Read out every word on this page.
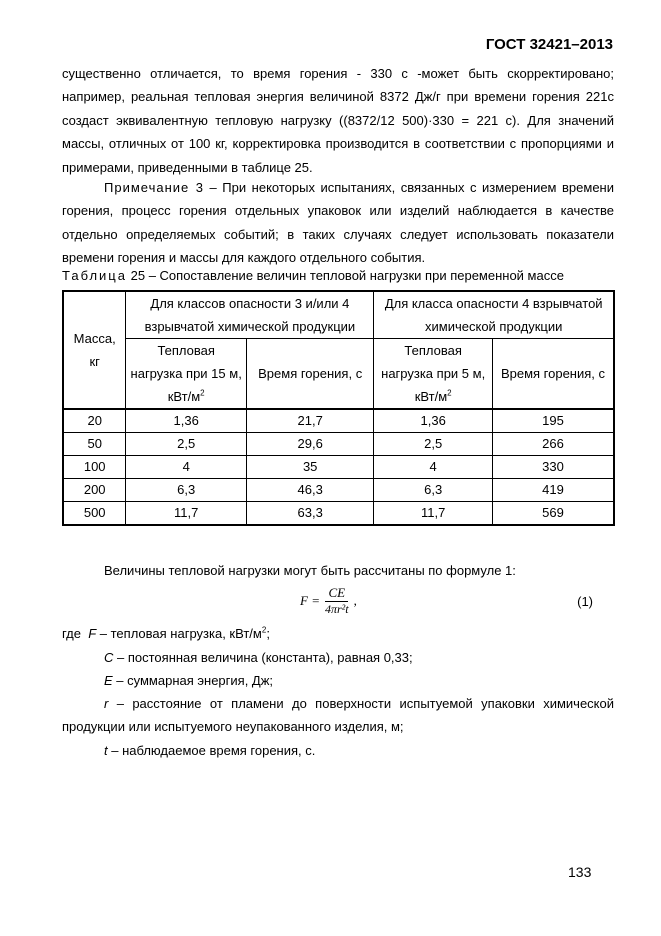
ГОСТ 32421–2013

существенно отличается, то время горения - 330 с -может быть скорректировано; например, реальная тепловая энергия величиной 8372 Дж/г при времени горения 221с создаст эквивалентную тепловую нагрузку ((8372/12 500)·330 = 221 с). Для значений массы, отличных от 100 кг, корректировка производится в соответствии с пропорциями и примерами, приведенными в таблице 25.

Примечание 3 – При некоторых испытаниях, связанных с измерением времени горения, процесс горения отдельных упаковок или изделий наблюдается в качестве отдельно определяемых событий; в таких случаях следует использовать показатели времени горения и массы для каждого отдельного события.

Таблица 25 – Сопоставление величин тепловой нагрузки при переменной массе
Масса, кг	Для классов опасности 3 и/или 4 взрывчатой химической продукции		Для класса опасности 4 взрывчатой химической продукции	
	Тепловая нагрузка при 15 м, кВт/$м^2$	Время горения, с	Тепловая нагрузка при 5 м, кВт/$м^2$	Время горения, с
20	1,36	21,7	1,36	195
50	2,5	29,6	2,5	266
100	4	35	4	330
200	6,3	46,3	6,3	419
500	11,7	63,3	11,7	569
Величины тепловой нагрузки могут быть рассчитаны по формуле 1:
$F = \frac{CE}{\text{4πr²t}}$ ,	(1)
где F – тепловая нагрузка, кВт/$м^2$;
C – постоянная величина (константа), равная 0,33;
E – суммарная энергия, Дж;

r – расстояние от пламени до поверхности испытуемой упаковки химической продукции или испытуемого неупакованного изделия, м;

t – наблюдаемое время горения, с.
133
